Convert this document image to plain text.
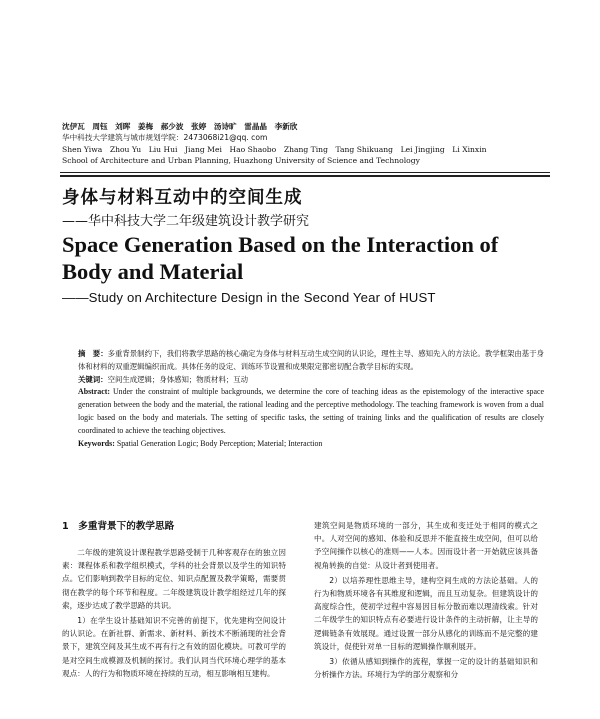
沈伊瓦　周钰　刘晖　姜梅　郝少波　张婷　汤诗旷　雷晶晶　李新欣
华中科技大学建筑与城市规划学院：2473068i21@qq. com
Shen Yiwa　Zhou Yu　Liu Hui　Jiang Mei　Hao Shaobo　Zhang Ting　Tang Shikuang　Lei Jingjing　Li Xinxin
School of Architecture and Urban Planning, Huazhong University of Science and Technology
身体与材料互动中的空间生成
——华中科技大学二年级建筑设计教学研究
Space Generation Based on the Interaction of
Body and Material
——Study on Architecture Design in the Second Year of HUST

摘　要：多重背景制约下，我们将教学思路的核心确定为身体与材料互动生成空间的认识论，理性主导、感知先入的方法论。教学框架由基于身体和材料的双重逻辑编织而成。具体任务的设定、训练环节设置和成果限定都密切配合教学目标的实现。

关键词：空间生成逻辑；身体感知；物质材料；互动

Abstract: Under the constraint of multiple backgrounds, we determine the core of teaching ideas as the epistemology of the interactive space generation between the body and the material, the rational leading and the perceptive methodology. The teaching framework is woven from a dual logic based on the body and materials. The setting of specific tasks, the setting of training links and the qualification of results are closely coordinated to achieve the teaching objectives.

Keywords: Spatial Generation Logic; Body Perception; Material; Interaction

1　多重背景下的教学思路

二年级的建筑设计课程教学思路受制于几种客观存在的独立因素：课程体系和教学组织模式，学科的社会背景以及学生的知识特点。它们影响到教学目标的定位、知识点配置及教学策略，需要贯彻在教学的每个环节和程度。二年级建筑设计教学组经过几年的探索，逐步达成了教学思路的共识。

1）在学生设计基础知识不完善的前提下，优先建构空间设计的认识论。在新社群、新需求、新材料、新技术不断涌现的社会背景下，建筑空间及其生成不再有行之有效的固化模块。可教可学的是对空间生成模源及机制的探讨。我们认同当代环境心理学的基本观点：人的行为和物质环境在持续的互动，相互影响相互建构。

建筑空间是物质环境的一部分，其生成和变迁处于相同的模式之中。人对空间的感知、体验和反思并不能直接生成空间，但可以给予空间操作以核心的准则——人本。因而设计者一开始就应该具备视角转换的自觉：从设计者到使用者。

2）以培养理性思维主导，建构空间生成的方法论基础。人的行为和物质环境各有其维度和逻辑，而且互动复杂。但建筑设计的高度综合性，使初学过程中容易因目标分散而难以理清线索。针对二年级学生的知识特点有必要进行设计条件的主动折解，让主导的逻辑链条有效展现。通过设置一部分从感化的训练而不是完整的建筑设计，促使针对单一目标的逻辑操作顺利展开。

3）依循从感知到操作的流程，掌握一定的设计的基础知识和分析操作方法。环境行为学的部分观察和分
